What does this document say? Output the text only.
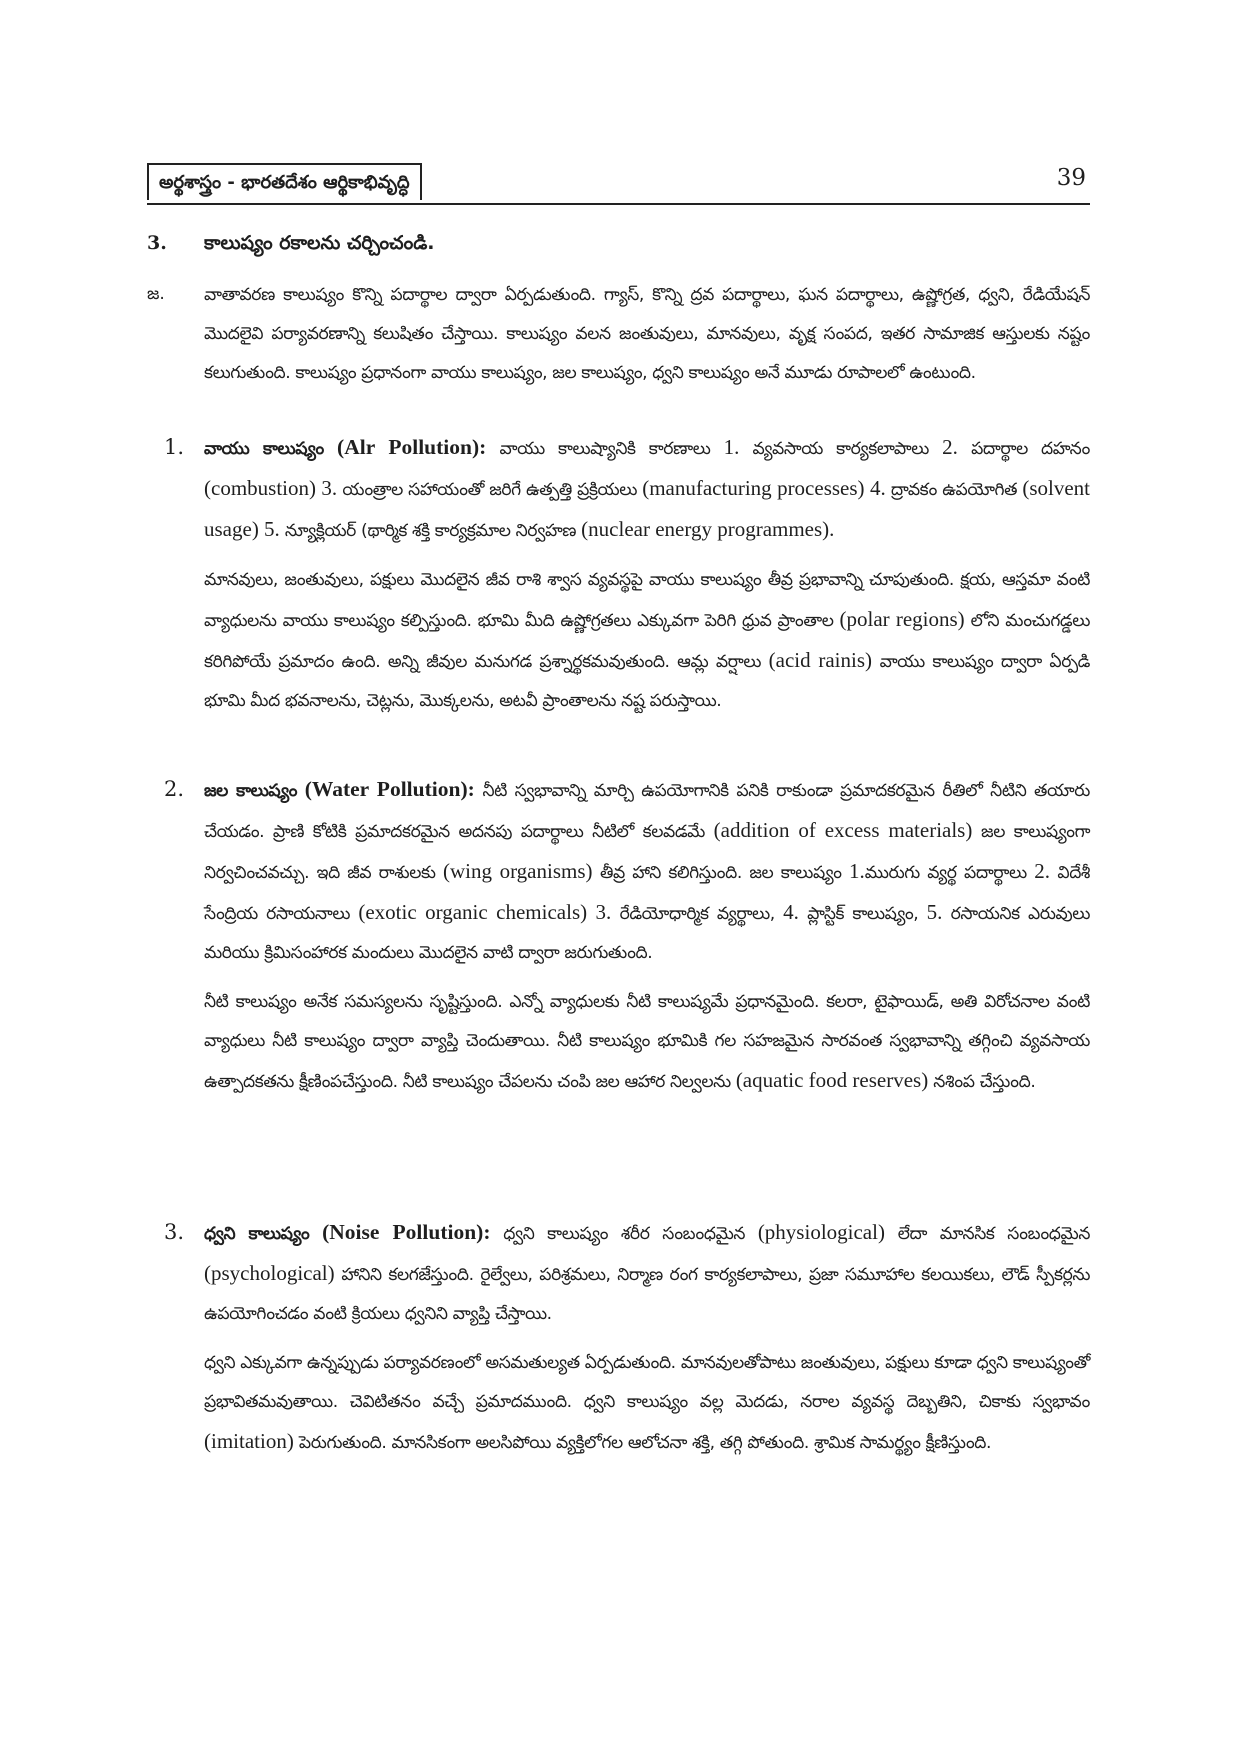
అర్థశాస్త్రం - భారతదేశం ఆర్థికాభివృద్ధి	39
3. కాలుష్యం రకాలను చర్చించండి.
జ. వాతావరణ కాలుష్యం కొన్ని పదార్థాల ద్వారా ఏర్పడుతుంది. గ్యాస్, కొన్ని ద్రవ పదార్థాలు, ఘన పదార్థాలు, ఉష్ణోగ్రత, ధ్వని, రేడియేషన్ మొదలైవి పర్యావరణాన్ని కలుషితం చేస్తాయి. కాలుష్యం వలన జంతువులు, మానవులు, వృక్ష సంపద, ఇతర సామాజిక ఆస్తులకు నష్టం కలుగుతుంది. కాలుష్యం ప్రధానంగా వాయు కాలుష్యం, జల కాలుష్యం, ధ్వని కాలుష్యం అనే మూడు రూపాలలో ఉంటుంది.

1. వాయు కాలుష్యం (Alr Pollution): వాయు కాలుష్యానికి కారణాలు 1. వ్యవసాయ కార్యకలాపాలు 2. పదార్థాల దహనం (combustion) 3. యంత్రాల సహాయంతో జరిగే ఉత్పత్తి ప్రక్రియలు (manufacturing processes) 4. ద్రావకం ఉపయోగిత (solvent usage) 5. న్యూక్లియర్ (థార్మిక శక్తి కార్యక్రమాల నిర్వహణ (nuclear energy programmes).

మానవులు, జంతువులు, పక్షులు మొదలైన జీవ రాశి శ్వాస వ్యవస్థపై వాయు కాలుష్యం తీవ్ర ప్రభావాన్ని చూపుతుంది. క్షయ, ఆస్తమా వంటి వ్యాధులను వాయు కాలుష్యం కల్పిస్తుంది. భూమి మీది ఉష్ణోగ్రతలు ఎక్కువగా పెరిగి ధ్రువ ప్రాంతాల (polar regions) లోని మంచుగడ్డలు కరిగిపోయే ప్రమాదం ఉంది. అన్ని జీవుల మనుగడ ప్రశ్నార్థకమవుతుంది. ఆమ్ల వర్షాలు (acid rainis) వాయు కాలుష్యం ద్వారా ఏర్పడి భూమి మీద భవనాలను, చెట్లను, మొక్కలను, అటవీ ప్రాంతాలను నష్ట పరుస్తాయి.

2. జల కాలుష్యం (Water Pollution): నీటి స్వభావాన్ని మార్చి ఉపయోగానికి పనికి రాకుండా ప్రమాదకరమైన రీతిలో నీటిని తయారు చేయడం. ప్రాణి కోటికి ప్రమాదకరమైన అదనపు పదార్థాలు నీటిలో కలవడమే (addition of excess materials) జల కాలుష్యంగా నిర్వచించవచ్చు. ఇది జీవ రాశులకు (wing organisms) తీవ్ర హాని కలిగిస్తుంది. జల కాలుష్యం 1.మురుగు వ్యర్థ పదార్థాలు 2. విదేశీ సేంద్రియ రసాయనాలు (exotic organic chemicals) 3. రేడియోధార్మిక వ్యర్థాలు, 4. ప్లాస్టిక్ కాలుష్యం, 5. రసాయనిక ఎరువులు మరియు క్రిమిసంహారక మందులు మొదలైన వాటి ద్వారా జరుగుతుంది.

నీటి కాలుష్యం అనేక సమస్యలను సృష్టిస్తుంది. ఎన్నో వ్యాధులకు నీటి కాలుష్యమే ప్రధానమైంది. కలరా, టైఫాయిడ్, అతి విరోచనాల వంటి వ్యాధులు నీటి కాలుష్యం ద్వారా వ్యాప్తి చెందుతాయి. నీటి కాలుష్యం భూమికి గల సహజమైన సారవంత స్వభావాన్ని తగ్గించి వ్యవసాయ ఉత్పాదకతను క్షీణింపచేస్తుంది. నీటి కాలుష్యం చేపలను చంపి జల ఆహార నిల్వలను (aquatic food reserves) నశింప చేస్తుంది.

3. ధ్వని కాలుష్యం (Noise Pollution): ధ్వని కాలుష్యం శరీర సంబంధమైన (physiological) లేదా మానసిక సంబంధమైన (psychological) హానిని కలగజేస్తుంది. రైల్వేలు, పరిశ్రమలు, నిర్మాణ రంగ కార్యకలాపాలు, ప్రజా సమూహాల కలయికలు, లౌడ్ స్పీకర్లను ఉపయోగించడం వంటి క్రియలు ధ్వనిని వ్యాప్తి చేస్తాయి.

ధ్వని ఎక్కువగా ఉన్నప్పుడు పర్యావరణంలో అసమతుల్యత ఏర్పడుతుంది. మానవులతోపాటు జంతువులు, పక్షులు కూడా ధ్వని కాలుష్యంతో ప్రభావితమవుతాయి. చెవిటితనం వచ్చే ప్రమాదముంది. ధ్వని కాలుష్యం వల్ల మెదడు, నరాల వ్యవస్థ దెబ్బతిని, చికాకు స్వభావం (imitation) పెరుగుతుంది. మానసికంగా అలసిపోయి వ్యక్తిలోగల ఆలోచనా శక్తి, తగ్గి పోతుంది. శ్రామిక సామర్థ్యం క్షీణిస్తుంది.
